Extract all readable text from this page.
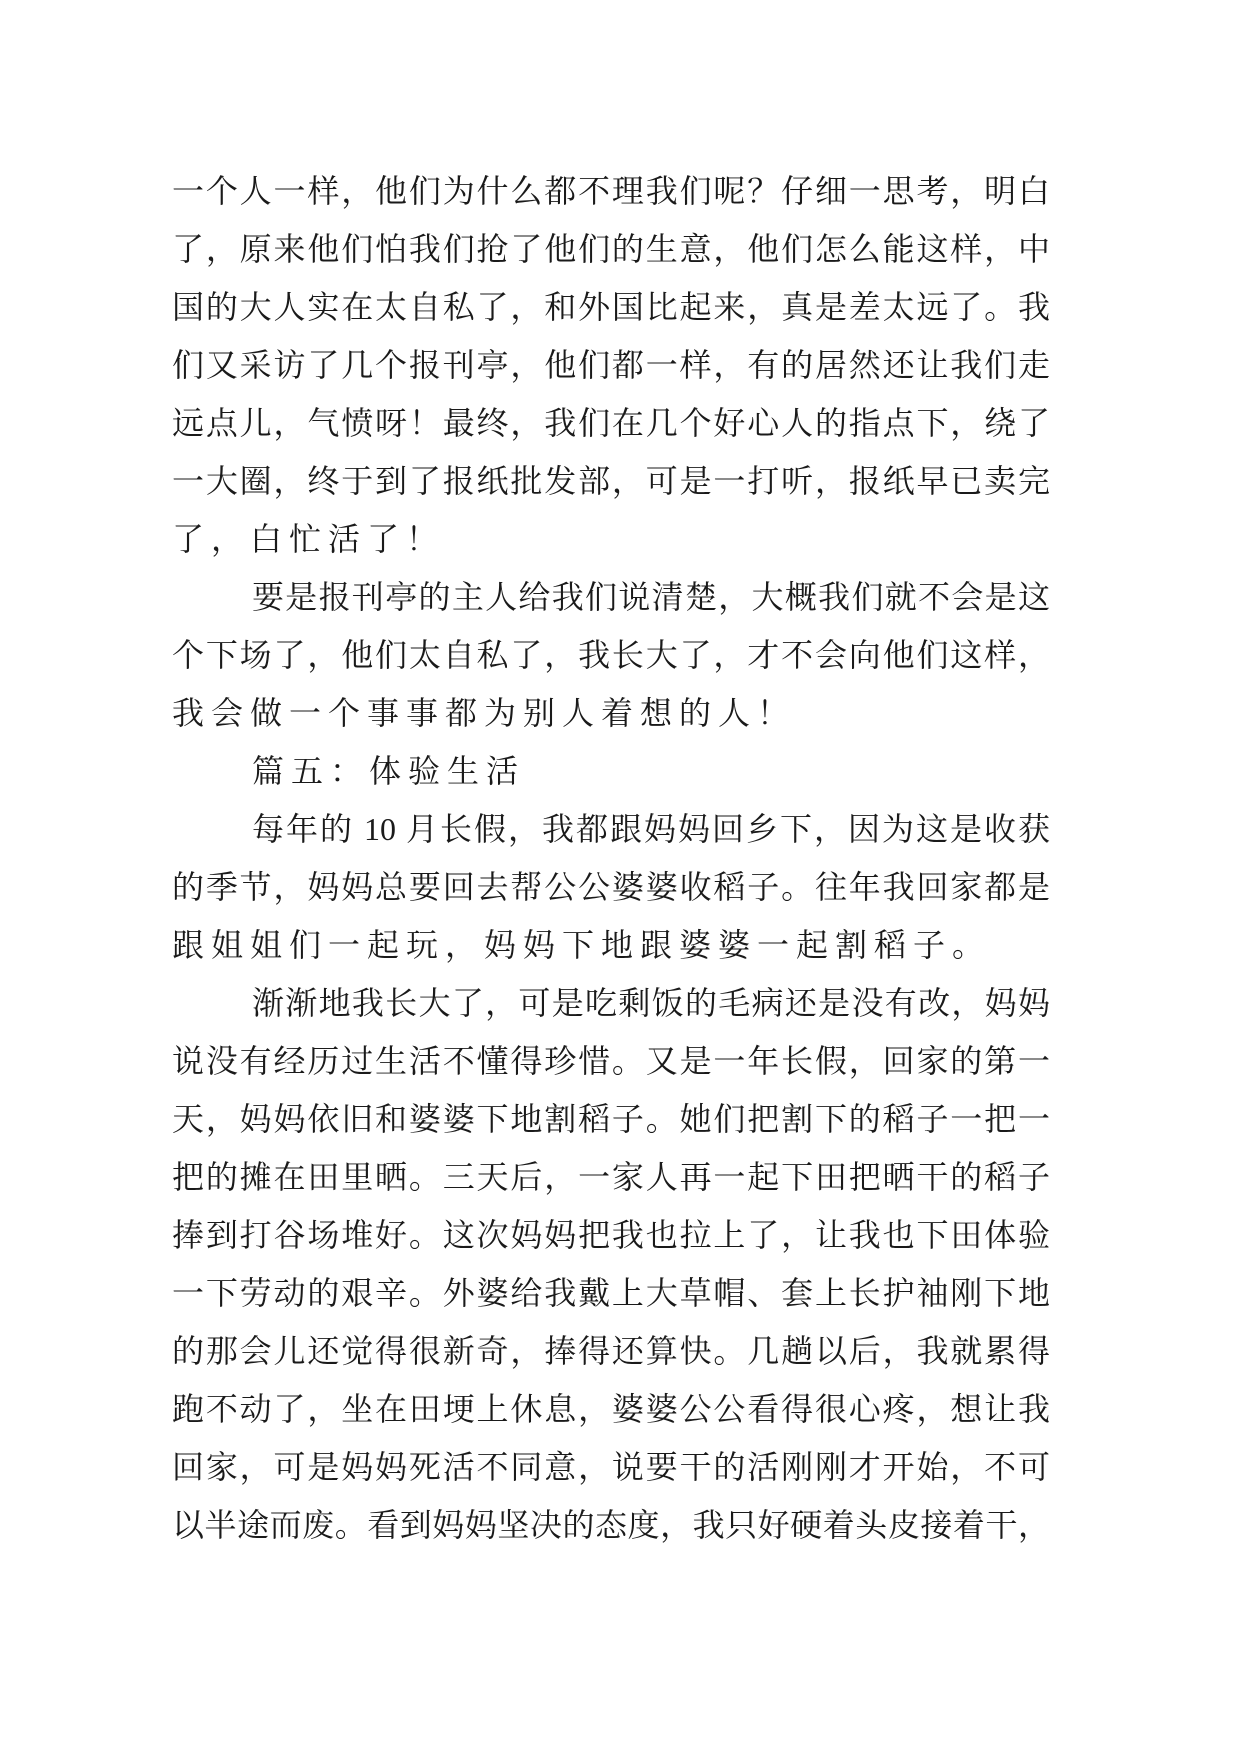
一个人一样，他们为什么都不理我们呢？仔细一思考，明白
了，原来他们怕我们抢了他们的生意，他们怎么能这样，中
国的大人实在太自私了，和外国比起来，真是差太远了。我
们又采访了几个报刊亭，他们都一样，有的居然还让我们走
远点儿，气愤呀！最终，我们在几个好心人的指点下，绕了
一大圈，终于到了报纸批发部，可是一打听，报纸早已卖完
了，白忙活了！
要是报刊亭的主人给我们说清楚，大概我们就不会是这
个下场了，他们太自私了，我长大了，才不会向他们这样，
我会做一个事事都为别人着想的人！
篇五：体验生活
每年的 10 月长假，我都跟妈妈回乡下，因为这是收获
的季节，妈妈总要回去帮公公婆婆收稻子。往年我回家都是
跟姐姐们一起玩，妈妈下地跟婆婆一起割稻子。
渐渐地我长大了，可是吃剩饭的毛病还是没有改，妈妈
说没有经历过生活不懂得珍惜。又是一年长假，回家的第一
天，妈妈依旧和婆婆下地割稻子。她们把割下的稻子一把一
把的摊在田里晒。三天后，一家人再一起下田把晒干的稻子
捧到打谷场堆好。这次妈妈把我也拉上了，让我也下田体验
一下劳动的艰辛。外婆给我戴上大草帽、套上长护袖刚下地
的那会儿还觉得很新奇，捧得还算快。几趟以后，我就累得
跑不动了，坐在田埂上休息，婆婆公公看得很心疼，想让我
回家，可是妈妈死活不同意，说要干的活刚刚才开始，不可
以半途而废。看到妈妈坚决的态度，我只好硬着头皮接着干，
